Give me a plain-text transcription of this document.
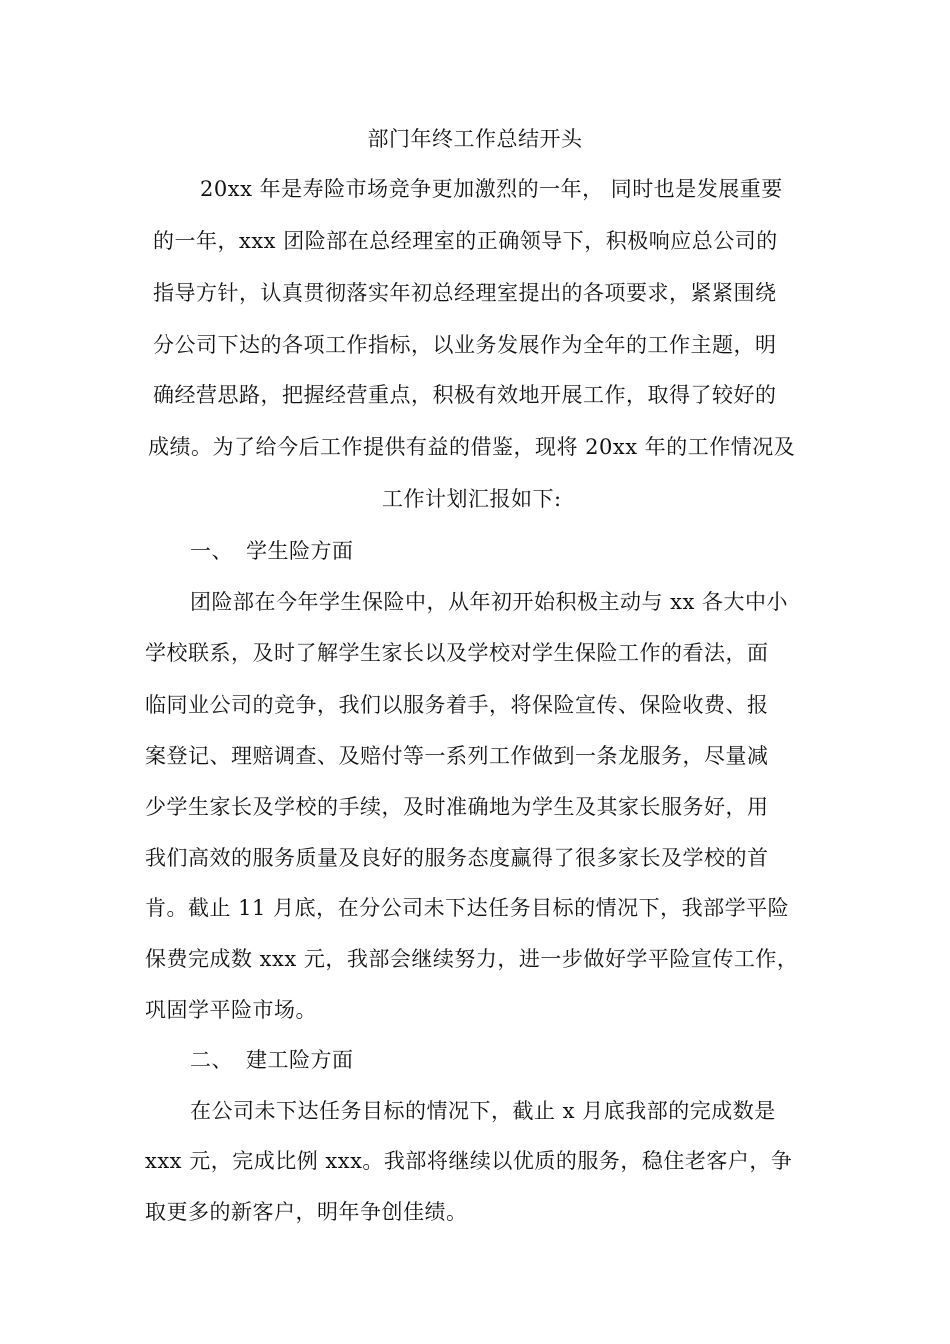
部门年终工作总结开头
20xx 年是寿险市场竞争更加激烈的一年， 同时也是发展重要
的一年，xxx 团险部在总经理室的正确领导下，积极响应总公司的
指导方针，认真贯彻落实年初总经理室提出的各项要求，紧紧围绕
分公司下达的各项工作指标，以业务发展作为全年的工作主题，明
确经营思路，把握经营重点，积极有效地开展工作，取得了较好的
成绩。为了给今后工作提供有益的借鉴，现将 20xx 年的工作情况及
工作计划汇报如下:
一、 学生险方面
团险部在今年学生保险中，从年初开始积极主动与 xx 各大中小
学校联系，及时了解学生家长以及学校对学生保险工作的看法，面
临同业公司的竞争，我们以服务着手，将保险宣传、保险收费、报
案登记、理赔调查、及赔付等一系列工作做到一条龙服务，尽量减
少学生家长及学校的手续，及时准确地为学生及其家长服务好，用
我们高效的服务质量及良好的服务态度赢得了很多家长及学校的首
肯。截止 11 月底，在分公司未下达任务目标的情况下，我部学平险
保费完成数 xxx 元，我部会继续努力，进一步做好学平险宣传工作，
巩固学平险市场。
二、 建工险方面
在公司未下达任务目标的情况下，截止 x 月底我部的完成数是
xxx 元，完成比例 xxx。我部将继续以优质的服务，稳住老客户，争
取更多的新客户，明年争创佳绩。
